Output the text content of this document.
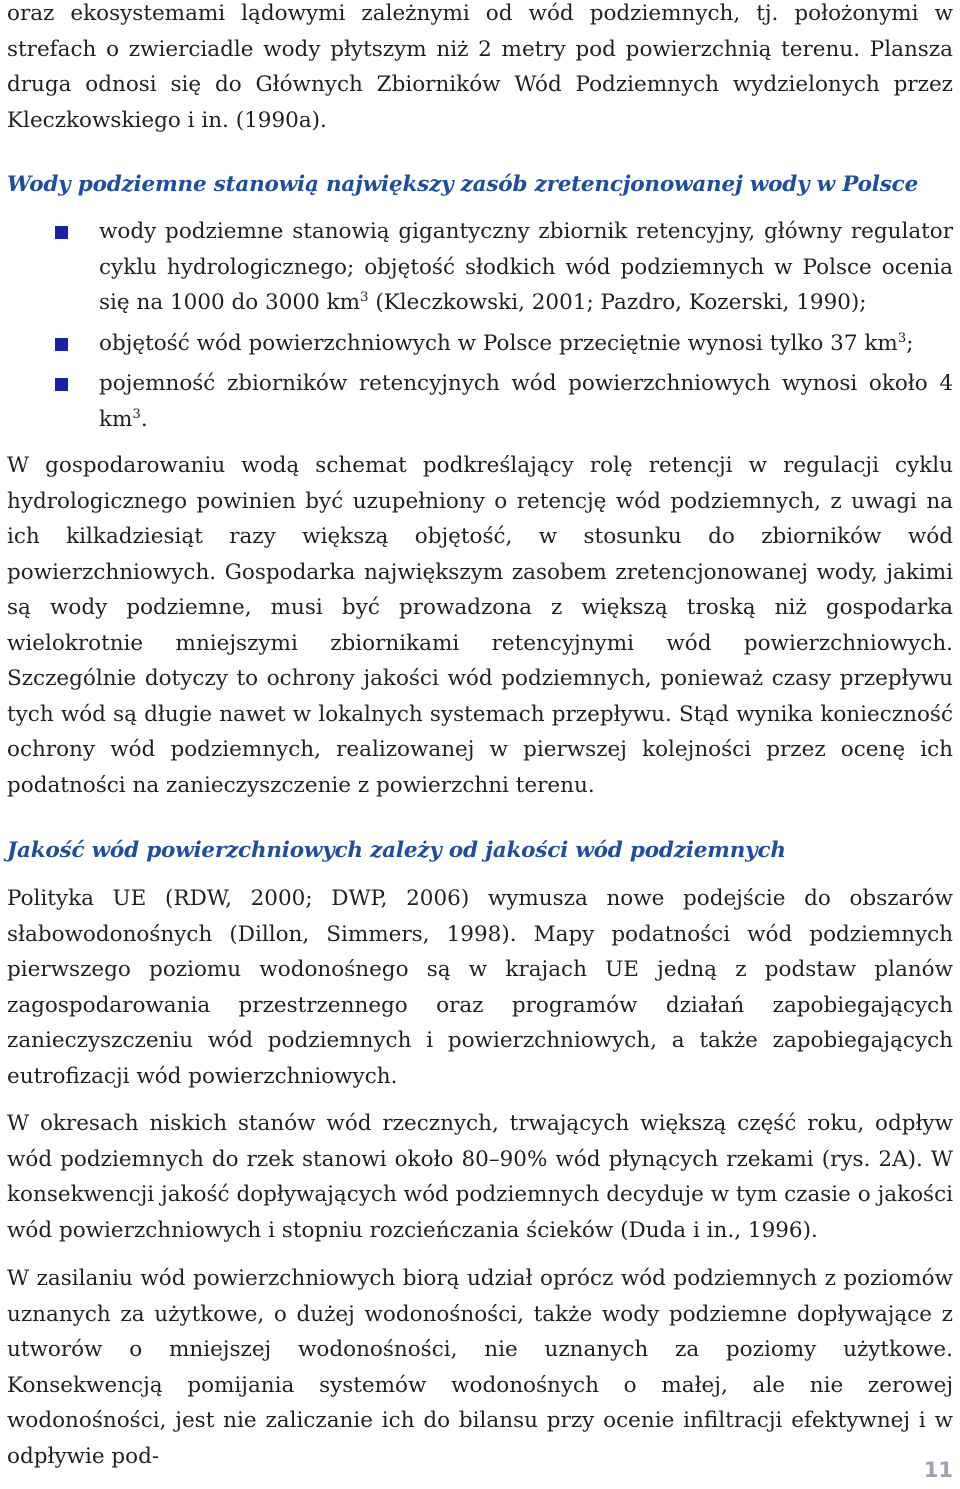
oraz ekosystemami lądowymi zależnymi od wód podziemnych, tj. położonymi w strefach o zwierciadle wody płytszym niż 2 metry pod powierzchnią terenu. Plansza druga odnosi się do Głównych Zbiorników Wód Podziemnych wydzielonych przez Kleczkowskiego i in. (1990a).

Wody podziemne stanowią największy zasób zretencjonowanej wody w Polsce
wody podziemne stanowią gigantyczny zbiornik retencyjny, główny regulator cyklu hydrologicznego; objętość słodkich wód podziemnych w Polsce ocenia się na 1000 do 3000 $km^3$ (Kleczkowski, 2001; Pazdro, Kozerski, 1990);
objętość wód powierzchniowych w Polsce przeciętnie wynosi tylko 37 $km^3$;
pojemność zbiorników retencyjnych wód powierzchniowych wynosi około 4 $km^3$.

W gospodarowaniu wodą schemat podkreślający rolę retencji w regulacji cyklu hydrologicznego powinien być uzupełniony o retencję wód podziemnych, z uwagi na ich kilkadziesiąt razy większą objętość, w stosunku do zbiorników wód powierzchniowych. Gospodarka największym zasobem zretencjonowanej wody, jakimi są wody podziemne, musi być prowadzona z większą troską niż gospodarka wielokrotnie mniejszymi zbiornikami retencyjnymi wód powierzchniowych. Szczególnie dotyczy to ochrony jakości wód podziemnych, ponieważ czasy przepływu tych wód są długie nawet w lokalnych systemach przepływu. Stąd wynika konieczność ochrony wód podziemnych, realizowanej w pierwszej kolejności przez ocenę ich podatności na zanieczyszczenie z powierzchni terenu.

Jakość wód powierzchniowych zależy od jakości wód podziemnych

Polityka UE (RDW, 2000; DWP, 2006) wymusza nowe podejście do obszarów słabowodonośnych (Dillon, Simmers, 1998). Mapy podatności wód podziemnych pierwszego poziomu wodonośnego są w krajach UE jedną z podstaw planów zagospodarowania przestrzennego oraz programów działań zapobiegających zanieczyszczeniu wód podziemnych i powierzchniowych, a także zapobiegających eutrofizacji wód powierzchniowych.

W okresach niskich stanów wód rzecznych, trwających większą część roku, odpływ wód podziemnych do rzek stanowi około 80–90% wód płynących rzekami (rys. 2A). W konsekwencji jakość dopływających wód podziemnych decyduje w tym czasie o jakości wód powierzchniowych i stopniu rozcieńczania ścieków (Duda i in., 1996).

W zasilaniu wód powierzchniowych biorą udział oprócz wód podziemnych z poziomów uznanych za użytkowe, o dużej wodonośności, także wody podziemne dopływające z utworów o mniejszej wodonośności, nie uznanych za poziomy użytkowe. Konsekwencją pomijania systemów wodonośnych o małej, ale nie zerowej wodonośności, jest nie zaliczanie ich do bilansu przy ocenie infiltracji efektywnej i w odpływie pod-

11
